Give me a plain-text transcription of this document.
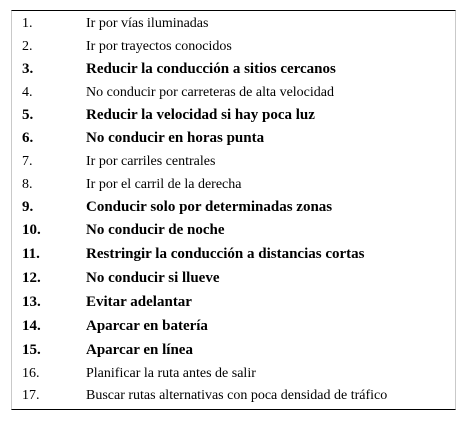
1.	Ir por vías iluminadas
2.	Ir por trayectos conocidos
3.	Reducir la conducción a sitios cercanos
4.	No conducir por carreteras de alta velocidad
5.	Reducir la velocidad si hay poca luz
6.	No conducir en horas punta
7.	Ir por carriles centrales
8.	Ir por el carril de la derecha
9.	Conducir solo por determinadas zonas
10.	No conducir de noche
11.	Restringir la conducción a distancias cortas
12.	No conducir si llueve
13.	Evitar adelantar
14.	Aparcar en batería
15.	Aparcar en línea
16.	Planificar la ruta antes de salir
17.	Buscar rutas alternativas con poca densidad de tráfico
